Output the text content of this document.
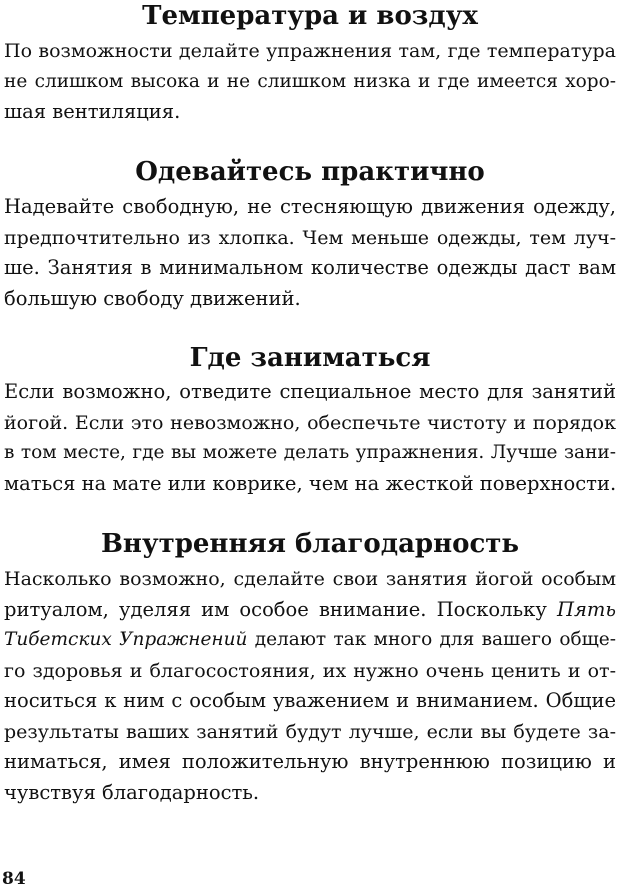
Температура и воздух
По возможности делайте упражнения там, где температура
не слишком высока и не слишком низка и где имеется хоро-
шая вентиляция.
Одевайтесь практично
Надевайте свободную, не стесняющую движения одежду,
предпочтительно из хлопка. Чем меньше одежды, тем луч-
ше. Занятия в минимальном количестве одежды даст вам
большую свободу движений.
Где заниматься
Если возможно, отведите специальное место для занятий
йогой. Если это невозможно, обеспечьте чистоту и порядок
в том месте, где вы можете делать упражнения. Лучше зани-
маться на мате или коврике, чем на жесткой поверхности.
Внутренняя благодарность
Насколько возможно, сделайте свои занятия йогой особым
ритуалом, уделяя им особое внимание. Поскольку Пять
Тибетских Упражнений делают так много для вашего обще-
го здоровья и благосостояния, их нужно очень ценить и от-
носиться к ним с особым уважением и вниманием. Общие
результаты ваших занятий будут лучше, если вы будете за-
ниматься, имея положительную внутреннюю позицию и
чувствуя благодарность.
84
